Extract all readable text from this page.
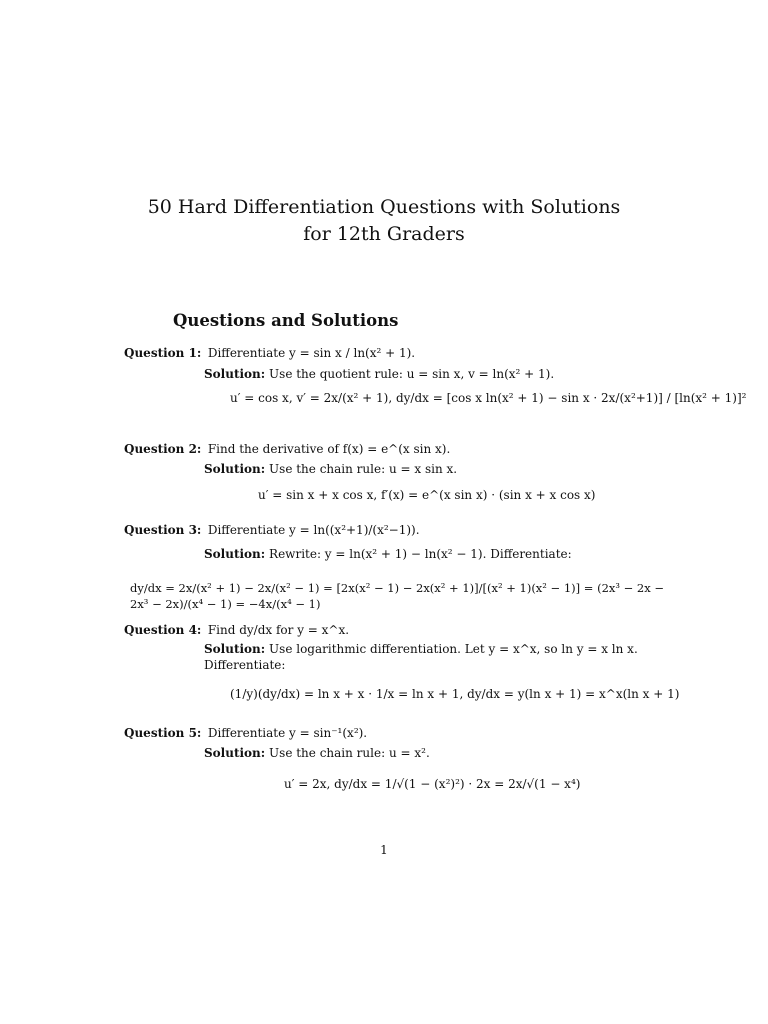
50 Hard Differentiation Questions with Solutions
for 12th Graders
Questions and Solutions
Question 1: Differentiate y = sin x / ln(x² + 1).
Solution: Use the quotient rule: u = sin x, v = ln(x² + 1).
u′ = cos x, v′ = 2x/(x² + 1), dy/dx = [cos x ln(x² + 1) − sin x · 2x/(x²+1)] / [ln(x² + 1)]²
Question 2: Find the derivative of f(x) = e^(x sin x).
Solution: Use the chain rule: u = x sin x.
u′ = sin x + x cos x, f′(x) = e^(x sin x) · (sin x + x cos x)
Question 3: Differentiate y = ln((x²+1)/(x²−1)).
Solution: Rewrite: y = ln(x² + 1) − ln(x² − 1). Differentiate:
dy/dx = 2x/(x² + 1) − 2x/(x² − 1) = [2x(x² − 1) − 2x(x² + 1)]/[(x² + 1)(x² − 1)] = (2x³ − 2x − 2x³ − 2x)/(x⁴ − 1) = −4x/(x⁴ − 1)
Question 4: Find dy/dx for y = x^x.
Solution: Use logarithmic differentiation. Let y = x^x, so ln y = x ln x. Differentiate:
(1/y)(dy/dx) = ln x + x · 1/x = ln x + 1, dy/dx = y(ln x + 1) = x^x(ln x + 1)
Question 5: Differentiate y = sin⁻¹(x²).
Solution: Use the chain rule: u = x².
u′ = 2x, dy/dx = 1/√(1 − (x²)²) · 2x = 2x/√(1 − x⁴)
1
